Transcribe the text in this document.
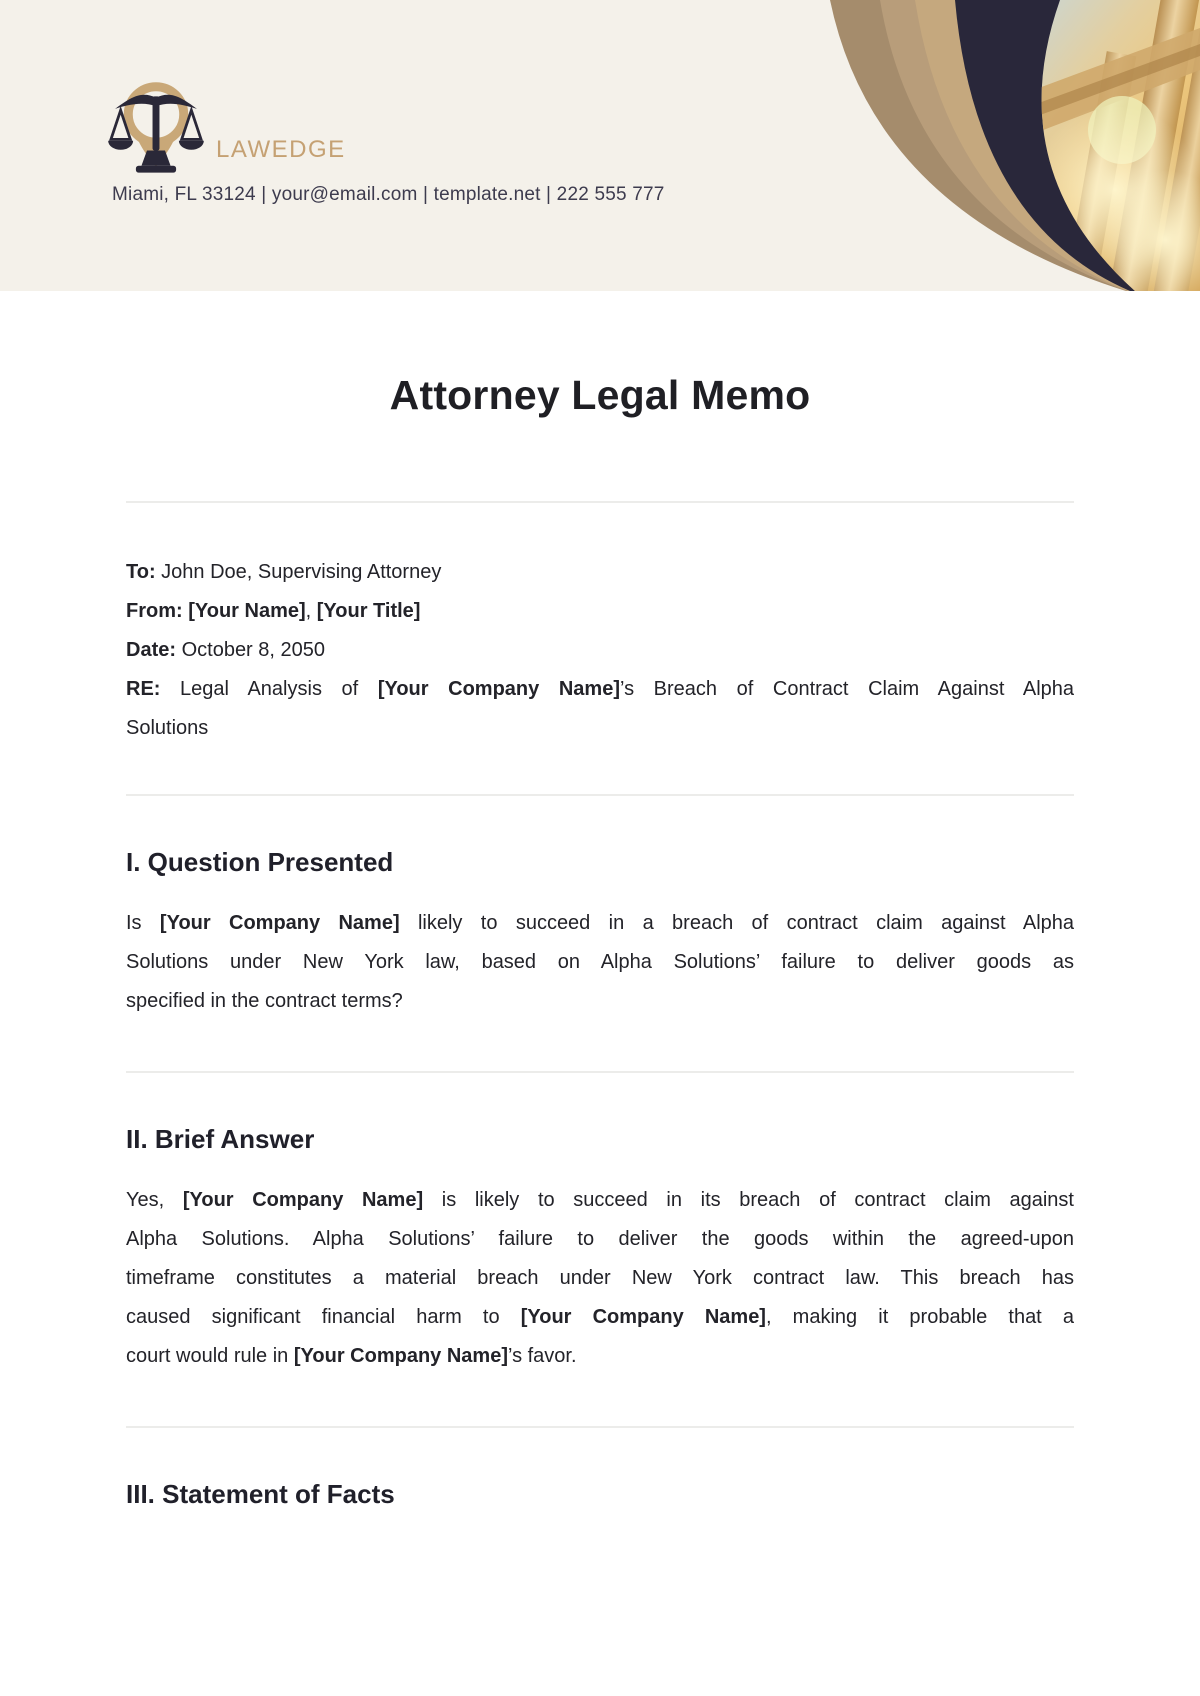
LAWEDGE
Miami, FL 33124 | your@email.com | template.net | 222 555 777
Attorney Legal Memo
To: John Doe, Supervising Attorney
From: [Your Name], [Your Title]
Date: October 8, 2050
RE: Legal Analysis of [Your Company Name]’s Breach of Contract Claim Against Alpha
Solutions
I. Question Presented
Is [Your Company Name] likely to succeed in a breach of contract claim against Alpha
Solutions under New York law, based on Alpha Solutions’ failure to deliver goods as
specified in the contract terms?
II. Brief Answer
Yes, [Your Company Name] is likely to succeed in its breach of contract claim against
Alpha Solutions. Alpha Solutions’ failure to deliver the goods within the agreed-upon
timeframe constitutes a material breach under New York contract law. This breach has
caused significant financial harm to [Your Company Name], making it probable that a
court would rule in [Your Company Name]’s favor.
III. Statement of Facts
